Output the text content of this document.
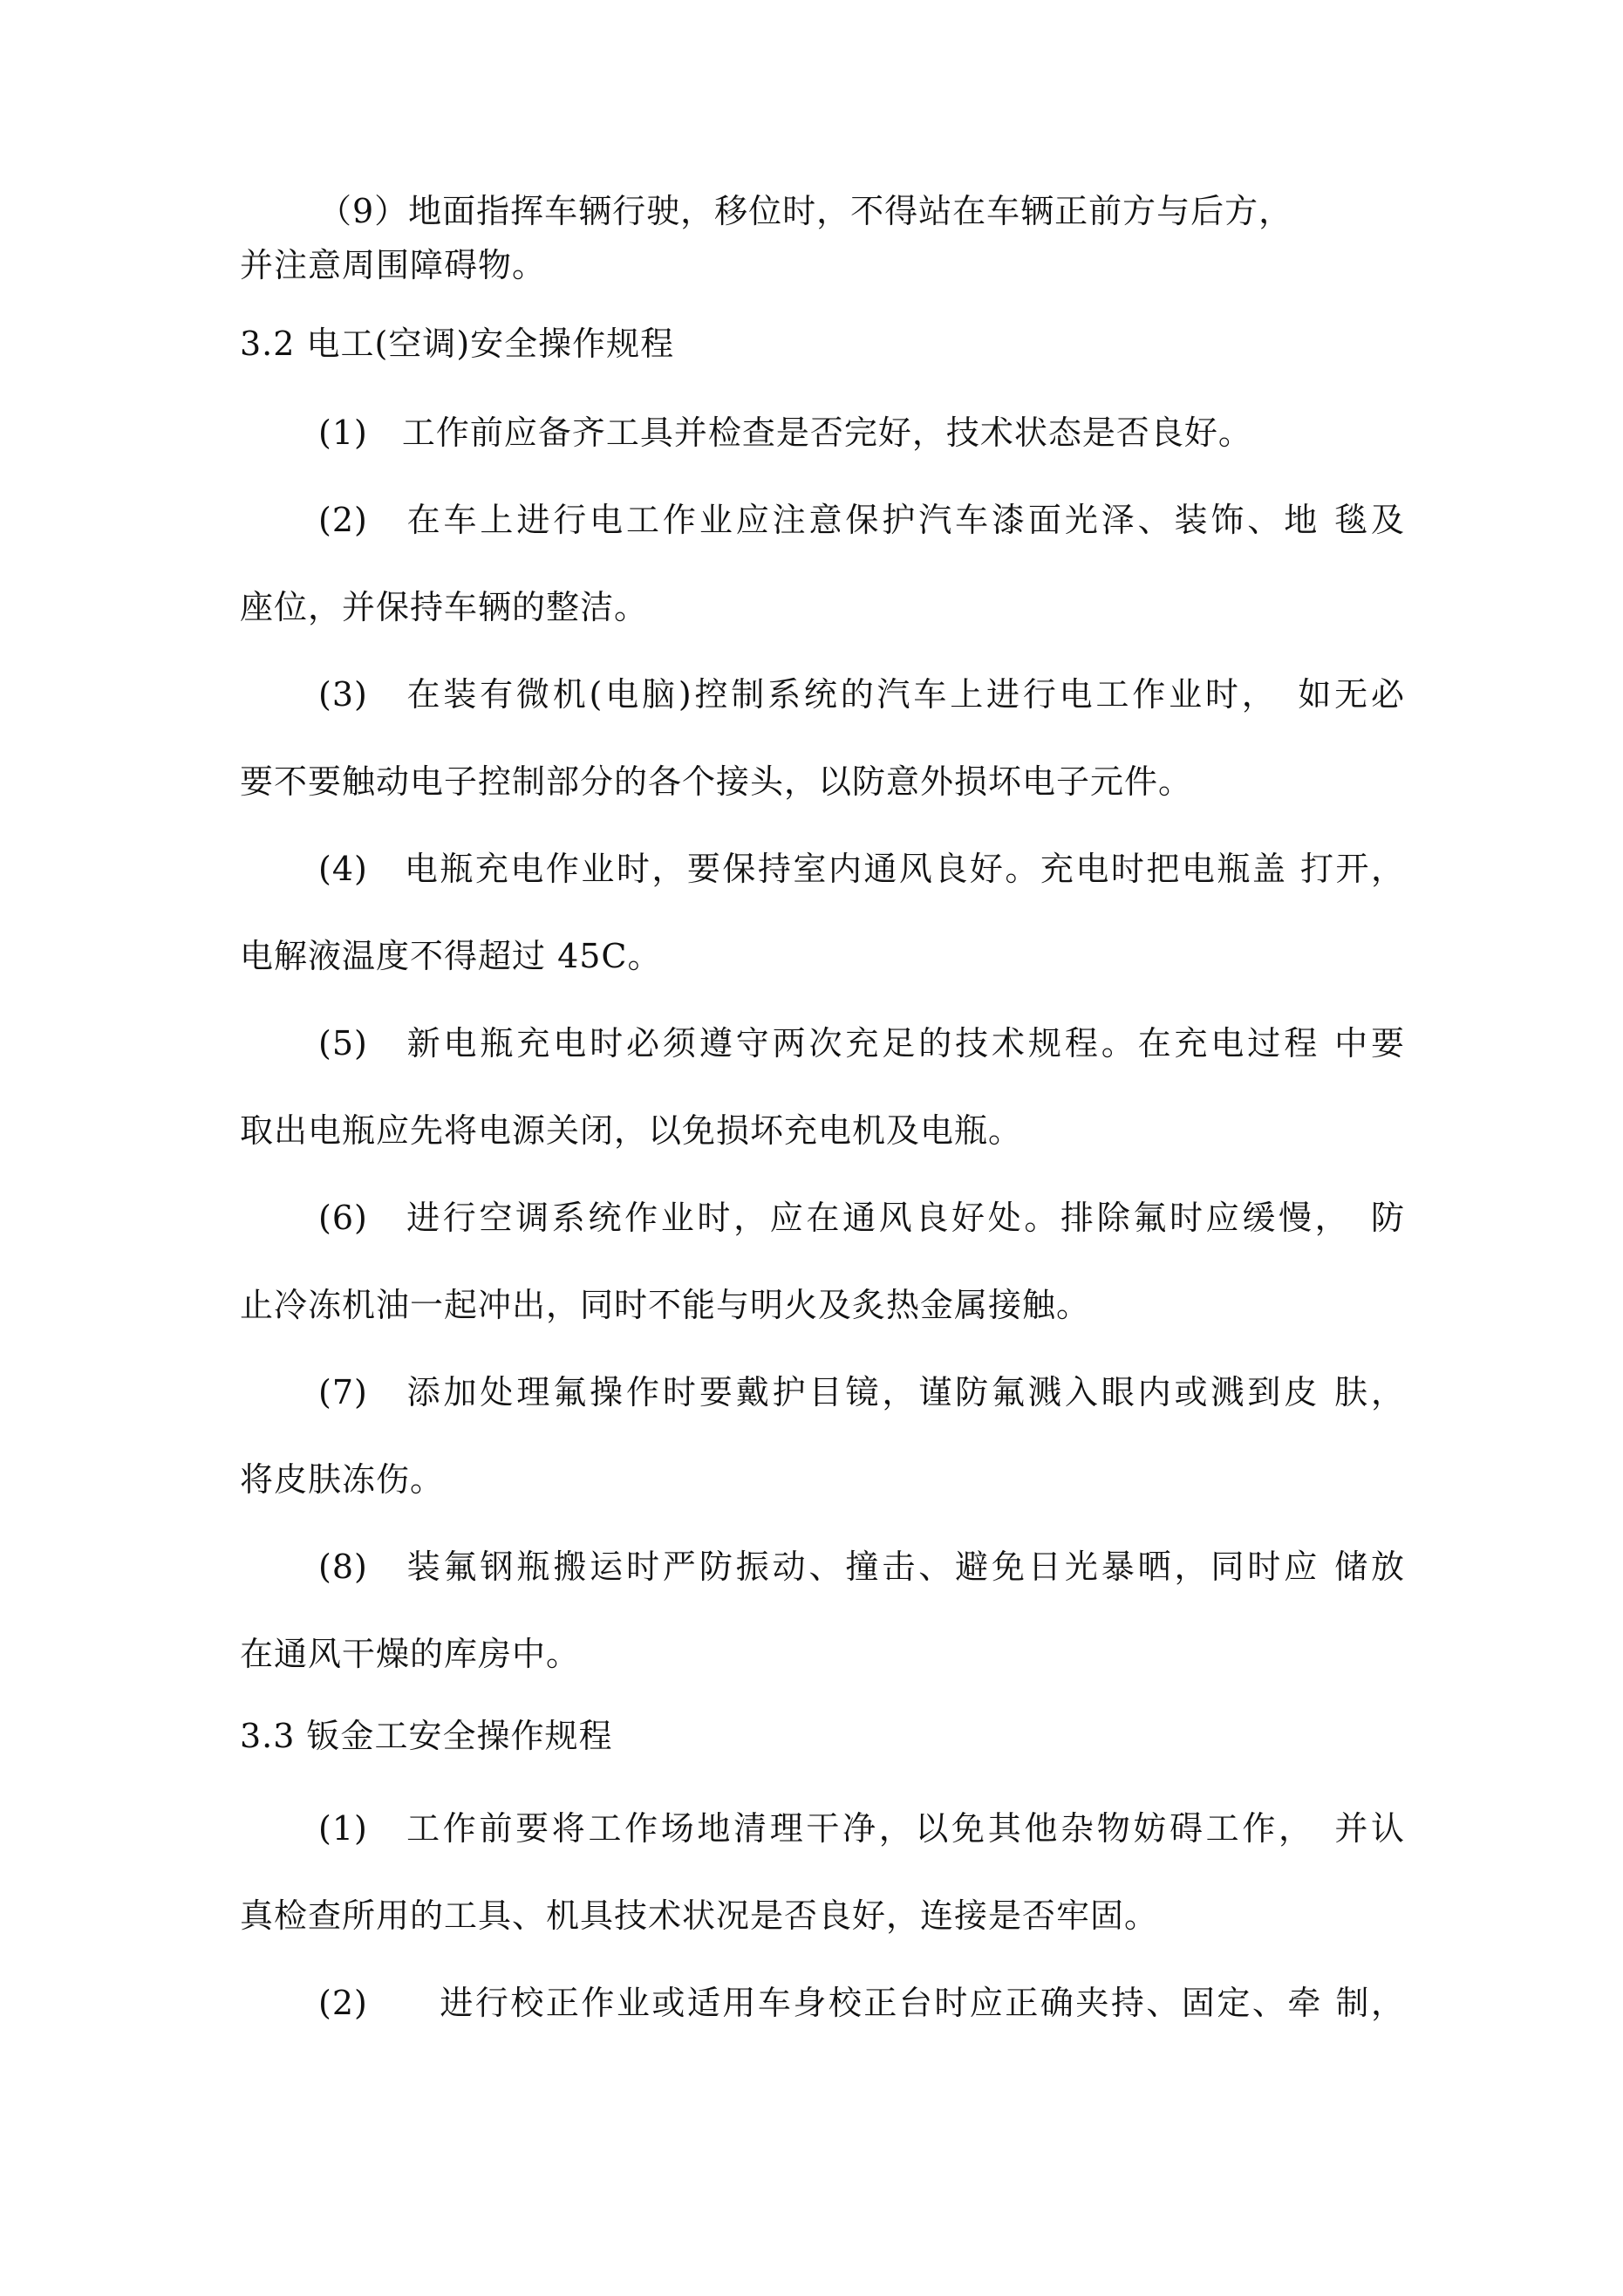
（9）地面指挥车辆行驶，移位时，不得站在车辆正前方与后方，
并注意周围障碍物。
3.2 电工(空调)安全操作规程
(1)　工作前应备齐工具并检查是否完好，技术状态是否良好。
(2)　在车上进行电工作业应注意保护汽车漆面光泽、装饰、地 毯及
座位，并保持车辆的整洁。
(3)　在装有微机(电脑)控制系统的汽车上进行电工作业时，　如无必
要不要触动电子控制部分的各个接头，以防意外损坏电子元件。
(4)　电瓶充电作业时，要保持室内通风良好。充电时把电瓶盖 打开，
电解液温度不得超过 45C。
(5)　新电瓶充电时必须遵守两次充足的技术规程。在充电过程 中要
取出电瓶应先将电源关闭，以免损坏充电机及电瓶。
(6)　进行空调系统作业时，应在通风良好处。排除氟时应缓慢，　防
止冷冻机油一起冲出，同时不能与明火及炙热金属接触。
(7)　添加处理氟操作时要戴护目镜，谨防氟溅入眼内或溅到皮 肤，
将皮肤冻伤。
(8)　装氟钢瓶搬运时严防振动、撞击、避免日光暴晒，同时应 储放
在通风干燥的库房中。
3.3 钣金工安全操作规程
(1)　工作前要将工作场地清理干净，以免其他杂物妨碍工作，　并认
真检查所用的工具、机具技术状况是否良好，连接是否牢固。
(2)　　进行校正作业或适用车身校正台时应正确夹持、固定、牵 制，
